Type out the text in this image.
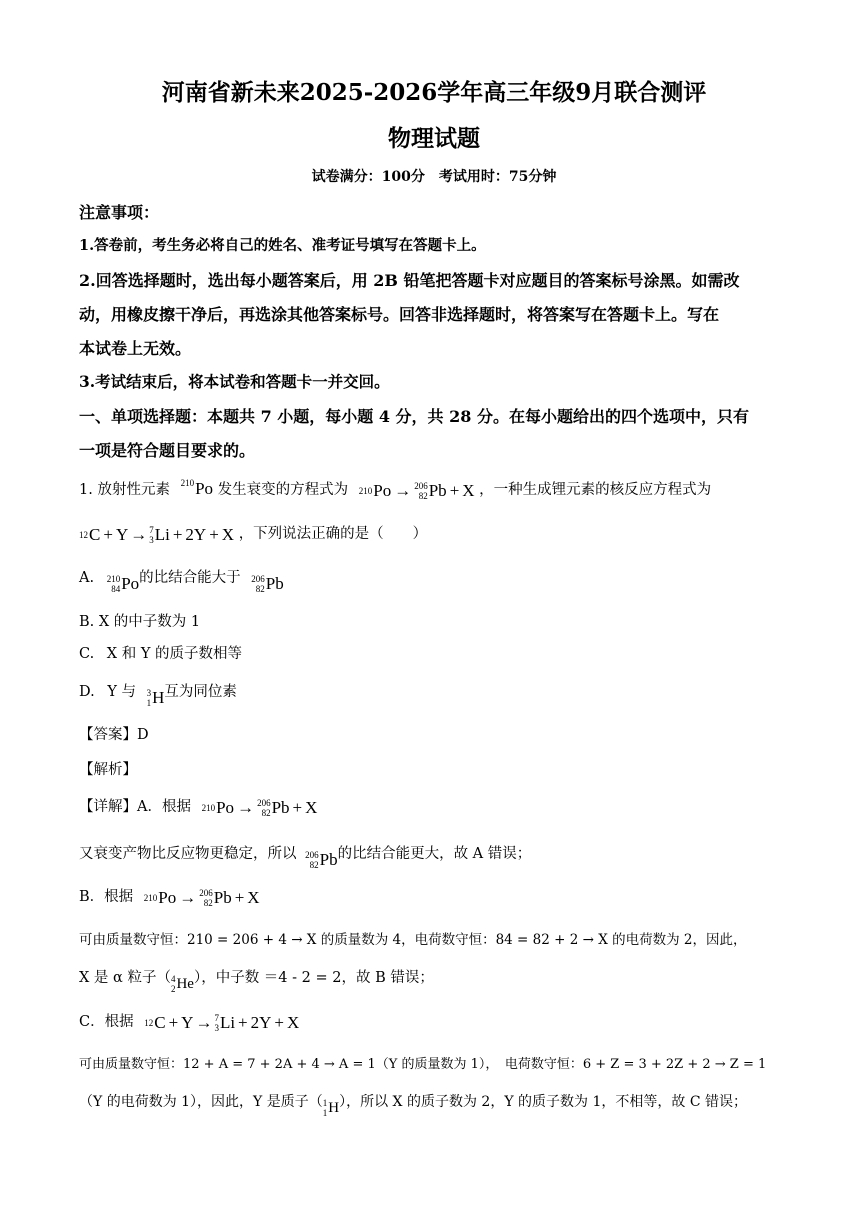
河南省新未来2025-2026学年高三年级9月联合测评
物理试题
试卷满分：100分　考试用时：75分钟
注意事项：
1.答卷前，考生务必将自己的姓名、准考证号填写在答题卡上。
2.回答选择题时，选出每小题答案后，用 2B 铅笔把答题卡对应题目的答案标号涂黑。如需改
动，用橡皮擦干净后，再选涂其他答案标号。回答非选择题时，将答案写在答题卡上。写在
本试卷上无效。
3.考试结束后，将本试卷和答题卡一并交回。
一、单项选择题：本题共 7 小题，每小题 4 分，共 28 分。在每小题给出的四个选项中，只有
一项是符合题目要求的。
1. 放射性元素 $^{210}$Po 发生衰变的方程式为 210 Po → 206
82 Pb + X ，一种生成锂元素的核反应方程式为
12 C + Y → 7
3 Li + 2 Y + X ，下列说法正确的是（　　）
A. 210
84 Po 的比结合能大于 206
82 Pb
B. X 的中子数为 1
C. X 和 Y 的质子数相等
D. Y 与 3
1 H 互为同位素
【答案】D
【解析】
【详解】A．根据 210 Po → 206
82 Pb + X
又衰变产物比反应物更稳定，所以 206
82 Pb 的比结合能更大，故 A 错误；
B．根据 210 Po → 206
82 Pb + X
可由质量数守恒：210 = 206 + 4 → X 的质量数为 4，电荷数守恒：84 = 82 + 2 → X 的电荷数为 2，因此，
X 是 α 粒子（ 4
2 He ），中子数 ＝4 - 2 = 2，故 B 错误；
C．根据 12 C + Y → 7
3 Li + 2 Y + X
可由质量数守恒：12 + A = 7 + 2A + 4 → A = 1（Y 的质量数为 1），　电荷数守恒：6 + Z = 3 + 2Z + 2 → Z = 1
（Y 的电荷数为 1），因此，Y 是质子（ 1
1 H ），所以 X 的质子数为 2，Y 的质子数为 1，不相等，故 C 错误；
